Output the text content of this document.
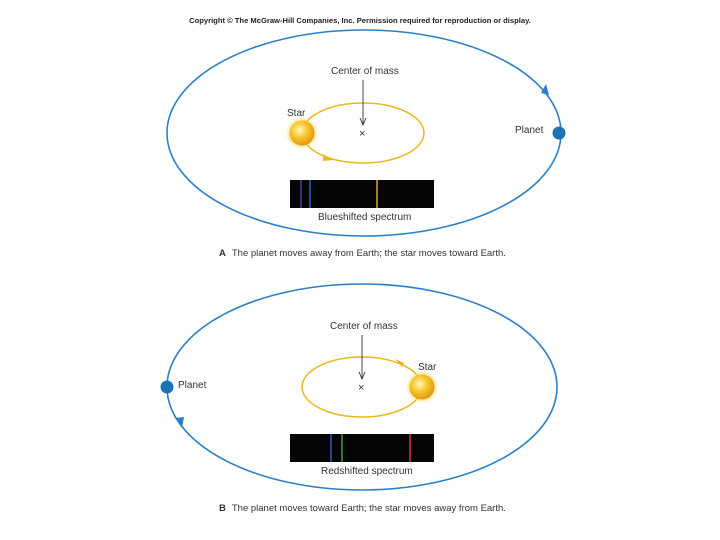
Copyright © The McGraw-Hill Companies, Inc. Permission required for reproduction or display.
Planet
Star
Center of mass
×
Blueshifted spectrum
Planet
Star
Center of mass
×
Redshifted spectrum
A The planet moves away from Earth; the star moves toward Earth.
B The planet moves toward Earth; the star moves away from Earth.
